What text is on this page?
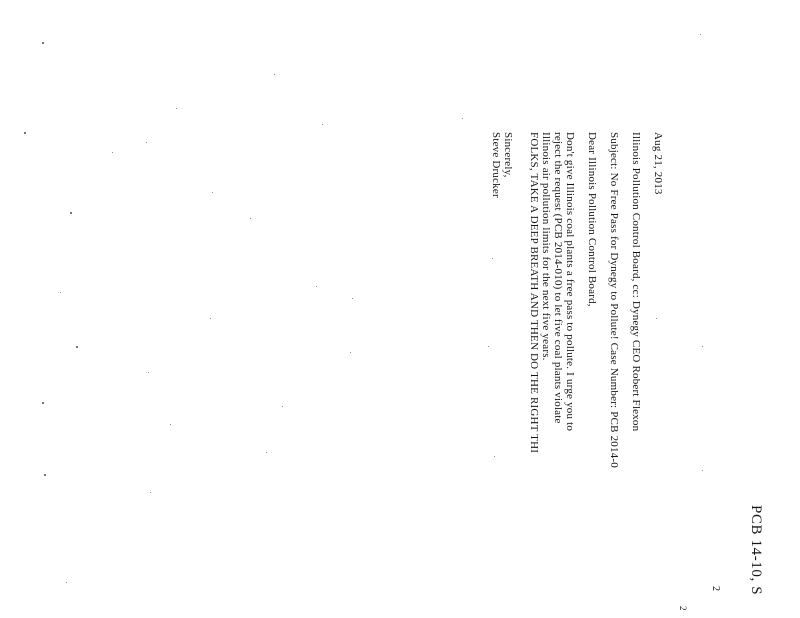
PCB 14-10, S
2
2
Aug 21, 2013
Illinois Pollution Control Board, cc: Dynegy CEO Robert Flexon
Subject: No Free Pass for Dynegy to Pollute! Case Number: PCB 2014-0
Dear Illinois Pollution Control Board,
Don't give Illinois coal plants a free pass to pollute. I urge you to
reject the request (PCB 2014-010) to let five coal plants violate
Illinois air pollution limits for the next five years.
FOLKS, TAKE A DEEP BREATH AND THEN DO THE RIGHT THI
Sincerely,
Steve Drucker
